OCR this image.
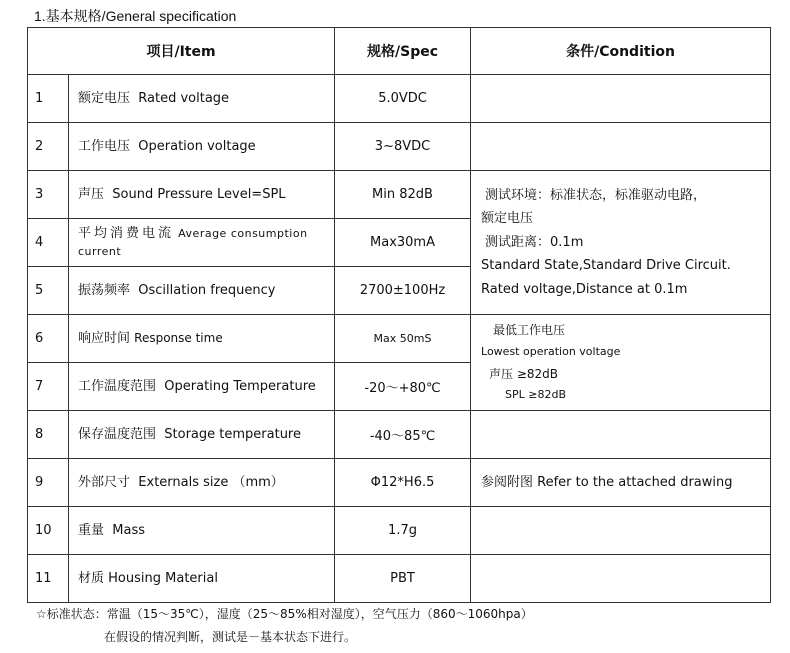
1.基本规格/General specification
项目/Item		规格/Spec	条件/Condition
1	额定电压 Rated voltage	5.0VDC	
2	工作电压 Operation voltage	3~8VDC	
3	声压 Sound Pressure Level=SPL	Min 82dB	测试环境：标准状态，标准驱动电路，

额定电压

测试距离：0.1m

Standard State,Standard Drive Circuit.

Rated voltage,Distance at 0.1m

4	平均消费电流 Average consumption
current	Max30mA	
5	振荡频率 Oscillation frequency	2700±100Hz	
6	响应时间 Response time	Max 50mS	最低工作电压

Lowest operation voltage

声压 ≥82dB

SPL ≥82dB

7	工作温度范围 Operating Temperature	-20～+80℃	
8	保存温度范围 Storage temperature	-40～85℃	
9	外部尺寸 Externals size （mm）	Φ12*H6.5	参阅附图 Refer to the attached drawing
10	重量 Mass	1.7g	
11	材质 Housing Material	PBT	
☆标准状态：常温（15～35℃），湿度（25～85%相对湿度），空气压力（860～1060hpa）
在假设的情况判断，测试是－基本状态下进行。
